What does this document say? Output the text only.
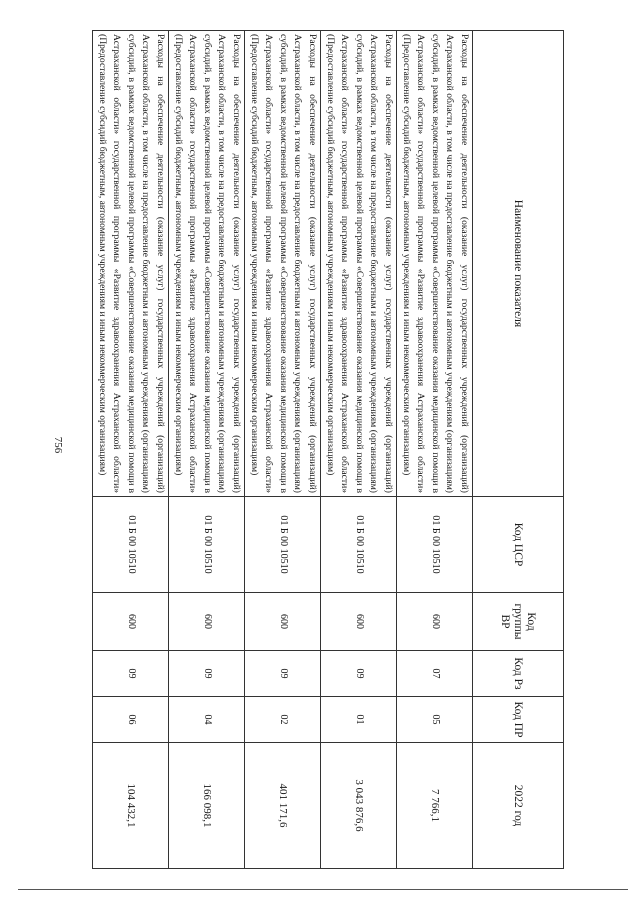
756
Наименование показателя	Код ЦСР	Код группы ВР	Код Рз	Код ПР	2022 год
Расходы на обеспечение деятельности (оказание услуг) государственных учреждений (организаций) Астраханской области, в том числе на предоставление бюджетным и автономным учреждениям (организациям) субсидий, в рамках ведомственной целевой программы «Совершенствование оказания медицинской помощи в Астраханской области» государственной программы «Развитие здравоохранения Астраханской области» (Предоставление субсидий бюджетным, автономным учреждениям и иным некоммерческим организациям)	01 Б 00 10510	600	07	05	7 766,1
Расходы на обеспечение деятельности (оказание услуг) государственных учреждений (организаций) Астраханской области, в том числе на предоставление бюджетным и автономным учреждениям (организациям) субсидий, в рамках ведомственной целевой программы «Совершенствование оказания медицинской помощи в Астраханской области» государственной программы «Развитие здравоохранения Астраханской области» (Предоставление субсидий бюджетным, автономным учреждениям и иным некоммерческим организациям)	01 Б 00 10510	600	09	01	3 043 876,6
Расходы на обеспечение деятельности (оказание услуг) государственных учреждений (организаций) Астраханской области, в том числе на предоставление бюджетным и автономным учреждениям (организациям) субсидий, в рамках ведомственной целевой программы «Совершенствование оказания медицинской помощи в Астраханской области» государственной программы «Развитие здравоохранения Астраханской области» (Предоставление субсидий бюджетным, автономным учреждениям и иным некоммерческим организациям)	01 Б 00 10510	600	09	02	401 171,6
Расходы на обеспечение деятельности (оказание услуг) государственных учреждений (организаций) Астраханской области, в том числе на предоставление бюджетным и автономным учреждениям (организациям) субсидий, в рамках ведомственной целевой программы «Совершенствование оказания медицинской помощи в Астраханской области» государственной программы «Развитие здравоохранения Астраханской области» (Предоставление субсидий бюджетным, автономным учреждениям и иным некоммерческим организациям)	01 Б 00 10510	600	09	04	166 098,1
Расходы на обеспечение деятельности (оказание услуг) государственных учреждений (организаций) Астраханской области, в том числе на предоставление бюджетным и автономным учреждениям (организациям) субсидий, в рамках ведомственной целевой программы «Совершенствование оказания медицинской помощи в Астраханской области» государственной программы «Развитие здравоохранения Астраханской области» (Предоставление субсидий бюджетным, автономным учреждениям и иным некоммерческим организациям)	01 Б 00 10510	600	09	06	104 432,1
